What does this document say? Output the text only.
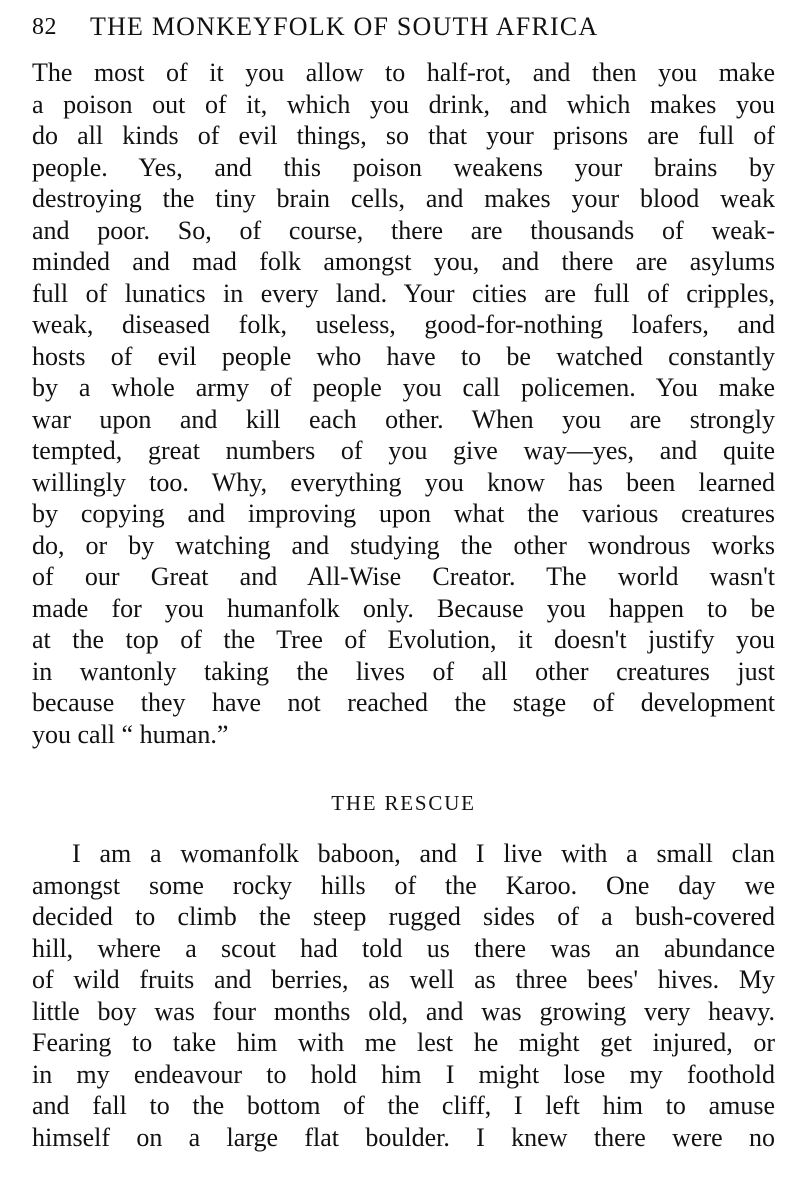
82 THE MONKEYFOLK OF SOUTH AFRICA
The most of it you allow to half-rot, and then you make
a poison out of it, which you drink, and which makes you
do all kinds of evil things, so that your prisons are full of
people. Yes, and this poison weakens your brains by
destroying the tiny brain cells, and makes your blood weak
and poor. So, of course, there are thousands of weak-
minded and mad folk amongst you, and there are asylums
full of lunatics in every land. Your cities are full of cripples,
weak, diseased folk, useless, good-for-nothing loafers, and
hosts of evil people who have to be watched constantly
by a whole army of people you call policemen. You make
war upon and kill each other. When you are strongly
tempted, great numbers of you give way—yes, and quite
willingly too. Why, everything you know has been learned
by copying and improving upon what the various creatures
do, or by watching and studying the other wondrous works
of our Great and All-Wise Creator. The world wasn't
made for you humanfolk only. Because you happen to be
at the top of the Tree of Evolution, it doesn't justify you
in wantonly taking the lives of all other creatures just
because they have not reached the stage of development
you call “ human.”
THE RESCUE
I am a womanfolk baboon, and I live with a small clan
amongst some rocky hills of the Karoo. One day we
decided to climb the steep rugged sides of a bush-covered
hill, where a scout had told us there was an abundance
of wild fruits and berries, as well as three bees' hives. My
little boy was four months old, and was growing very heavy.
Fearing to take him with me lest he might get injured, or
in my endeavour to hold him I might lose my foothold
and fall to the bottom of the cliff, I left him to amuse
himself on a large flat boulder. I knew there were no
